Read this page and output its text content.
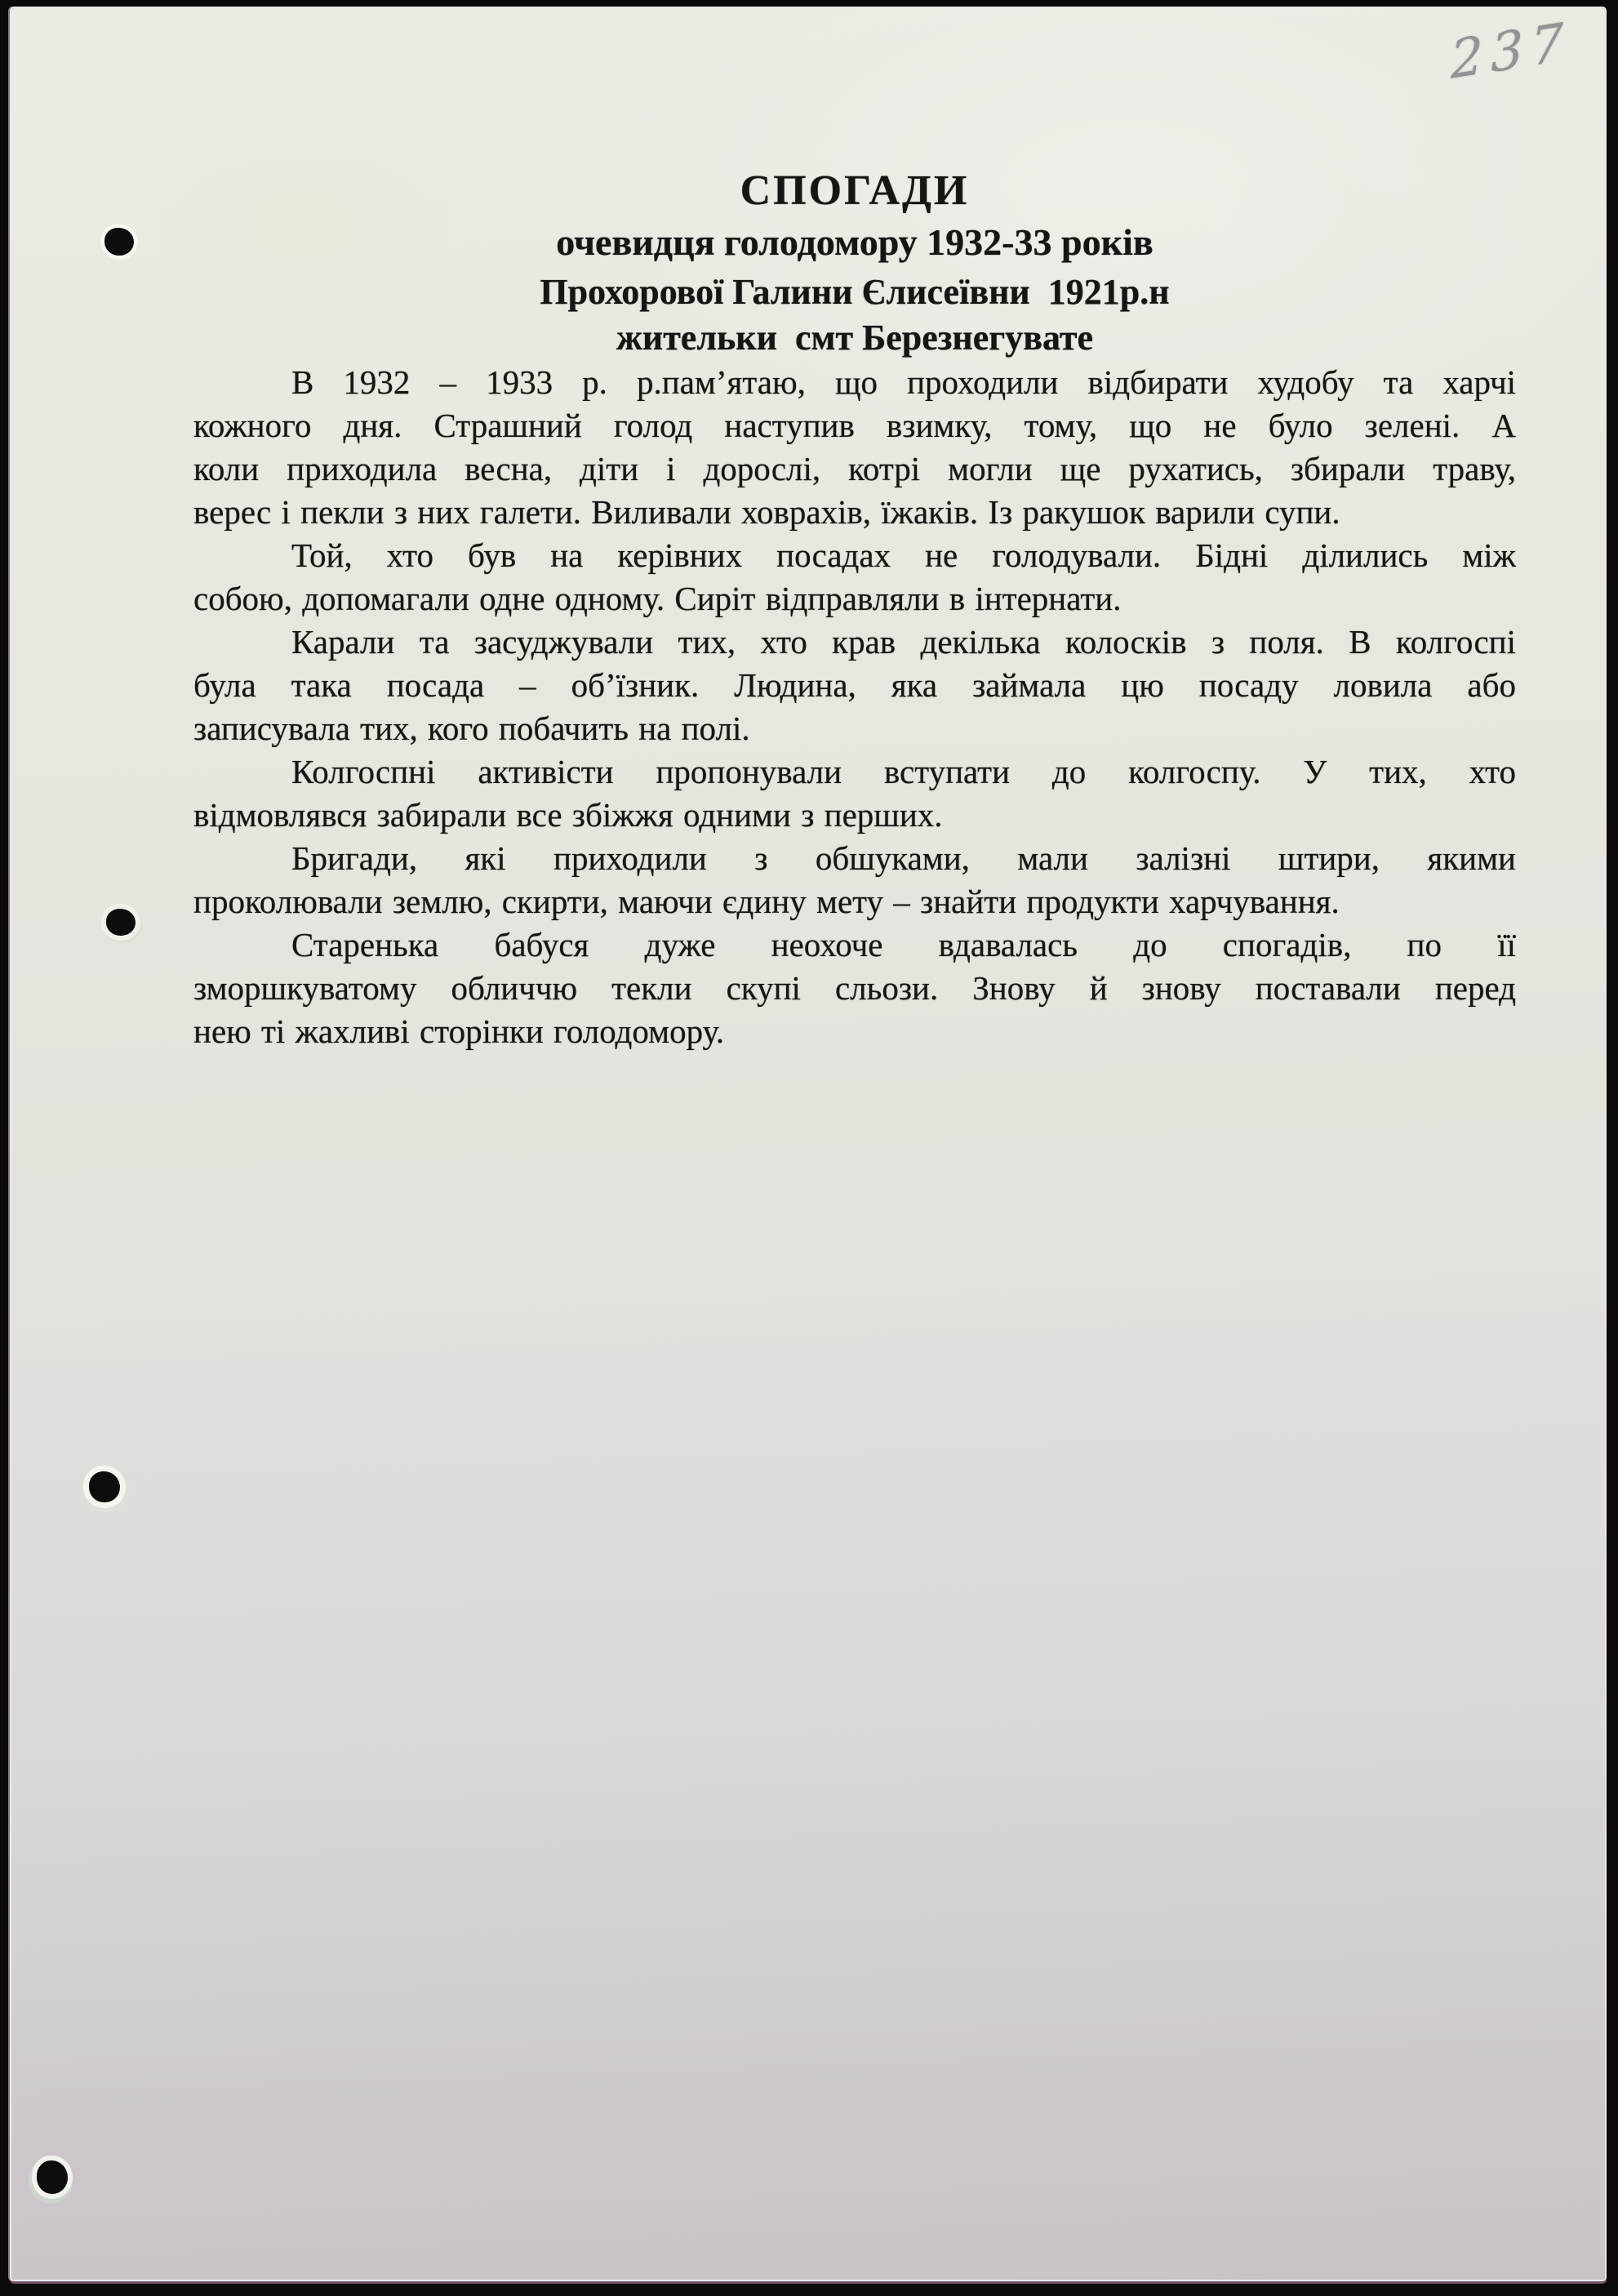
237
СПОГАДИ
очевидця голодомору 1932-33 років
Прохорової Галини Єлисеївни  1921р.н
жительки  смт Березнегувате

В 1932 – 1933 р. р.пам’ятаю, що проходили відбирати худобу та харчі
кожного дня. Страшний голод наступив взимку, тому, що не було зелені. А
коли приходила весна, діти і дорослі, котрі могли ще рухатись, збирали траву,
верес і пекли з них галети. Виливали ховрахів, їжаків. Із ракушок варили супи.

Той, хто був на керівних посадах не голодували. Бідні ділились між
собою, допомагали одне одному. Сиріт відправляли в інтернати.

Карали та засуджували тих, хто крав декілька колосків з поля. В колгоспі
була така посада – об’їзник. Людина, яка займала цю посаду ловила або
записувала тих, кого побачить на полі.

Колгоспні активісти пропонували вступати до колгоспу. У тих, хто
відмовлявся забирали все збіжжя одними з перших.

Бригади, які приходили з обшуками, мали залізні штири, якими
проколювали землю, скирти, маючи єдину мету – знайти продукти харчування.

Старенька бабуся дуже неохоче вдавалась до спогадів, по її
зморшкуватому обличчю текли скупі сльози. Знову й знову поставали перед
нею ті жахливі сторінки голодомору.
